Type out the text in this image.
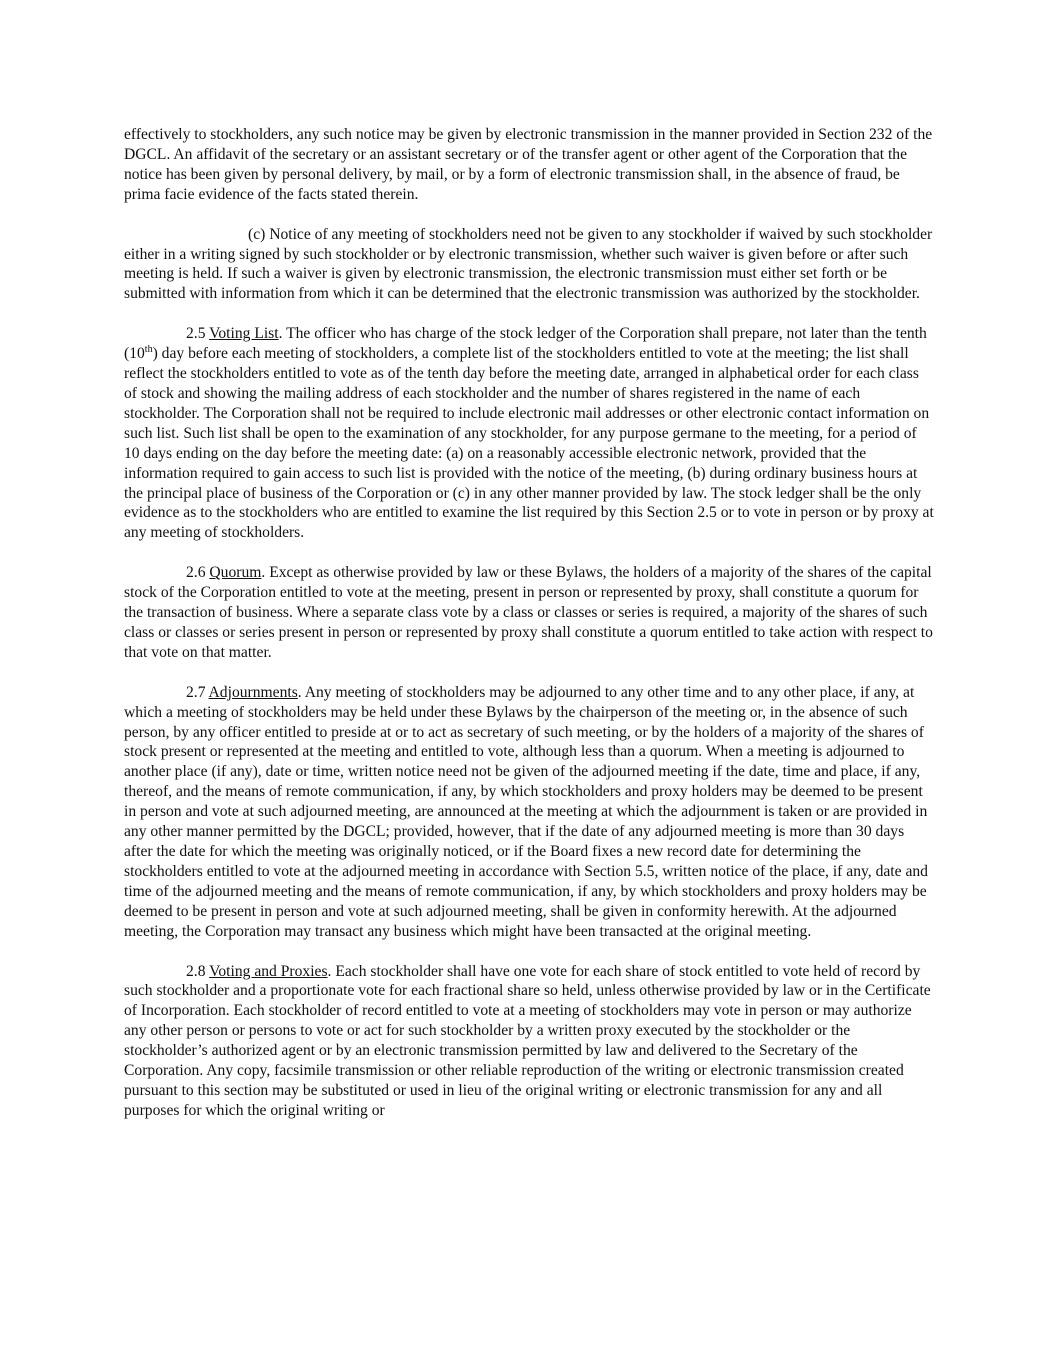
effectively to stockholders, any such notice may be given by electronic transmission in the manner provided in Section 232 of the DGCL. An affidavit of the secretary or an assistant secretary or of the transfer agent or other agent of the Corporation that the notice has been given by personal delivery, by mail, or by a form of electronic transmission shall, in the absence of fraud, be prima facie evidence of the facts stated therein.

(c) Notice of any meeting of stockholders need not be given to any stockholder if waived by such stockholder either in a writing signed by such stockholder or by electronic transmission, whether such waiver is given before or after such meeting is held. If such a waiver is given by electronic transmission, the electronic transmission must either set forth or be submitted with information from which it can be determined that the electronic transmission was authorized by the stockholder.

2.5 Voting List. The officer who has charge of the stock ledger of the Corporation shall prepare, not later than the tenth (10th) day before each meeting of stockholders, a complete list of the stockholders entitled to vote at the meeting; the list shall reflect the stockholders entitled to vote as of the tenth day before the meeting date, arranged in alphabetical order for each class of stock and showing the mailing address of each stockholder and the number of shares registered in the name of each stockholder. The Corporation shall not be required to include electronic mail addresses or other electronic contact information on such list. Such list shall be open to the examination of any stockholder, for any purpose germane to the meeting, for a period of 10 days ending on the day before the meeting date: (a) on a reasonably accessible electronic network, provided that the information required to gain access to such list is provided with the notice of the meeting, (b) during ordinary business hours at the principal place of business of the Corporation or (c) in any other manner provided by law. The stock ledger shall be the only evidence as to the stockholders who are entitled to examine the list required by this Section 2.5 or to vote in person or by proxy at any meeting of stockholders.

2.6 Quorum. Except as otherwise provided by law or these Bylaws, the holders of a majority of the shares of the capital stock of the Corporation entitled to vote at the meeting, present in person or represented by proxy, shall constitute a quorum for the transaction of business. Where a separate class vote by a class or classes or series is required, a majority of the shares of such class or classes or series present in person or represented by proxy shall constitute a quorum entitled to take action with respect to that vote on that matter.

2.7 Adjournments. Any meeting of stockholders may be adjourned to any other time and to any other place, if any, at which a meeting of stockholders may be held under these Bylaws by the chairperson of the meeting or, in the absence of such person, by any officer entitled to preside at or to act as secretary of such meeting, or by the holders of a majority of the shares of stock present or represented at the meeting and entitled to vote, although less than a quorum. When a meeting is adjourned to another place (if any), date or time, written notice need not be given of the adjourned meeting if the date, time and place, if any, thereof, and the means of remote communication, if any, by which stockholders and proxy holders may be deemed to be present in person and vote at such adjourned meeting, are announced at the meeting at which the adjournment is taken or are provided in any other manner permitted by the DGCL; provided, however, that if the date of any adjourned meeting is more than 30 days after the date for which the meeting was originally noticed, or if the Board fixes a new record date for determining the stockholders entitled to vote at the adjourned meeting in accordance with Section 5.5, written notice of the place, if any, date and time of the adjourned meeting and the means of remote communication, if any, by which stockholders and proxy holders may be deemed to be present in person and vote at such adjourned meeting, shall be given in conformity herewith. At the adjourned meeting, the Corporation may transact any business which might have been transacted at the original meeting.

2.8 Voting and Proxies. Each stockholder shall have one vote for each share of stock entitled to vote held of record by such stockholder and a proportionate vote for each fractional share so held, unless otherwise provided by law or in the Certificate of Incorporation. Each stockholder of record entitled to vote at a meeting of stockholders may vote in person or may authorize any other person or persons to vote or act for such stockholder by a written proxy executed by the stockholder or the stockholder’s authorized agent or by an electronic transmission permitted by law and delivered to the Secretary of the Corporation. Any copy, facsimile transmission or other reliable reproduction of the writing or electronic transmission created pursuant to this section may be substituted or used in lieu of the original writing or electronic transmission for any and all purposes for which the original writing or
